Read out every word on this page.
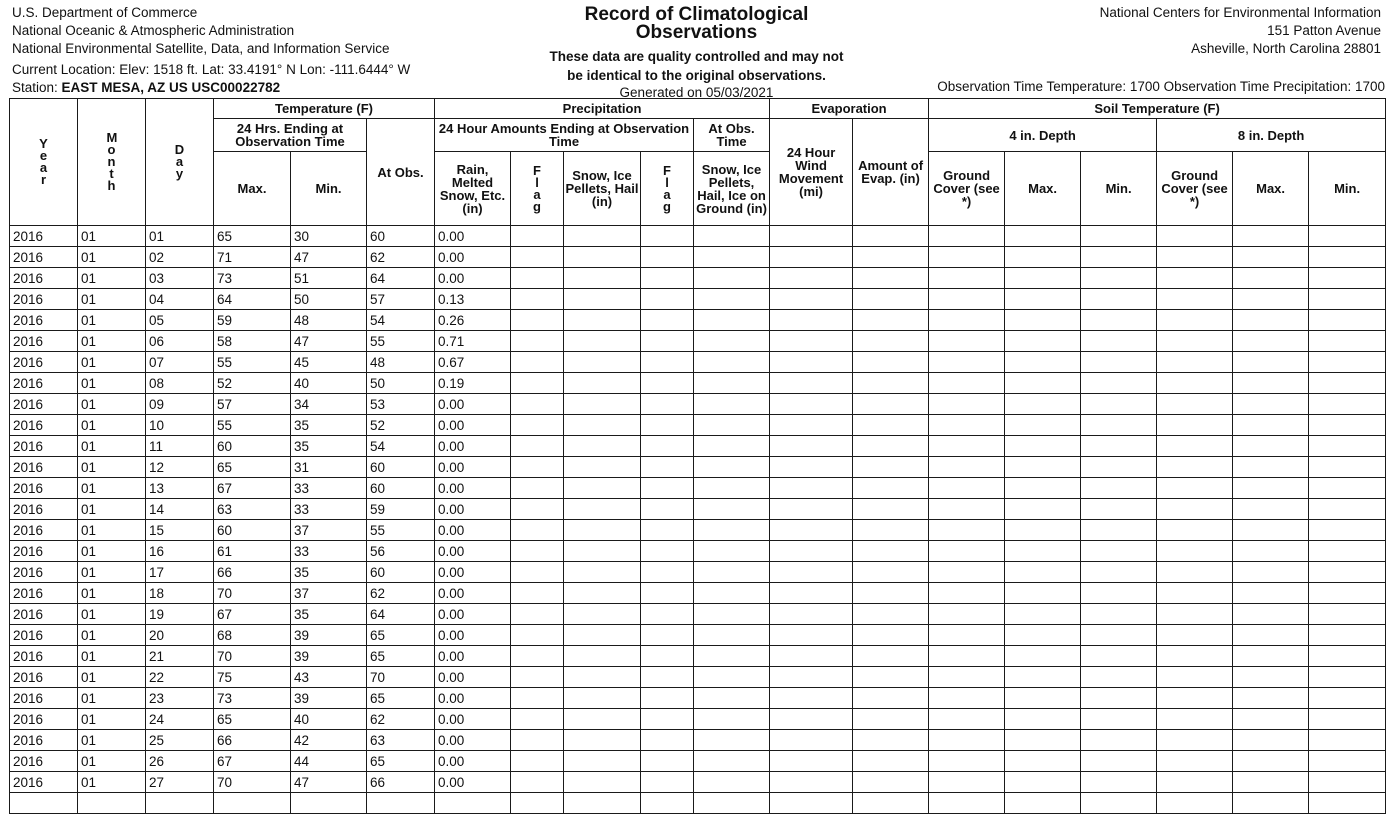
U.S. Department of Commerce
National Oceanic & Atmospheric Administration
National Environmental Satellite, Data, and Information Service
Current Location: Elev: 1518 ft. Lat: 33.4191° N Lon: -111.6444° W
Station: EAST MESA, AZ US USC00022782
Record of Climatological
Observations
These data are quality controlled and may not
be identical to the original observations.
Generated on 05/03/2021
National Centers for Environmental Information
151 Patton Avenue
Asheville, North Carolina 28801
Observation Time Temperature: 1700 Observation Time Precipitation: 1700
Year	Month	Day	Temperature (F)			Precipitation					Evaporation		Soil Temperature (F)					
			24 Hrs. Ending at Observation Time		At Obs.	24 Hour Amounts Ending at Observation Time				At Obs. Time	24 Hour Wind Movement (mi)	Amount of Evap. (in)	4 in. Depth			8 in. Depth		
			Max.	Min.		Rain, Melted Snow, Etc. (in)	Flag	Snow, Ice Pellets, Hail (in)	Flag	Snow, Ice Pellets, Hail, Ice on Ground (in)			Ground Cover (see *)	Max.	Min.	Ground Cover (see *)	Max.	Min.
2016	01	01	65	30	60	0.00												
2016	01	02	71	47	62	0.00												
2016	01	03	73	51	64	0.00												
2016	01	04	64	50	57	0.13												
2016	01	05	59	48	54	0.26												
2016	01	06	58	47	55	0.71												
2016	01	07	55	45	48	0.67												
2016	01	08	52	40	50	0.19												
2016	01	09	57	34	53	0.00												
2016	01	10	55	35	52	0.00												
2016	01	11	60	35	54	0.00												
2016	01	12	65	31	60	0.00												
2016	01	13	67	33	60	0.00												
2016	01	14	63	33	59	0.00												
2016	01	15	60	37	55	0.00												
2016	01	16	61	33	56	0.00												
2016	01	17	66	35	60	0.00												
2016	01	18	70	37	62	0.00												
2016	01	19	67	35	64	0.00												
2016	01	20	68	39	65	0.00												
2016	01	21	70	39	65	0.00												
2016	01	22	75	43	70	0.00												
2016	01	23	73	39	65	0.00												
2016	01	24	65	40	62	0.00												
2016	01	25	66	42	63	0.00												
2016	01	26	67	44	65	0.00												
2016	01	27	70	47	66	0.00												
